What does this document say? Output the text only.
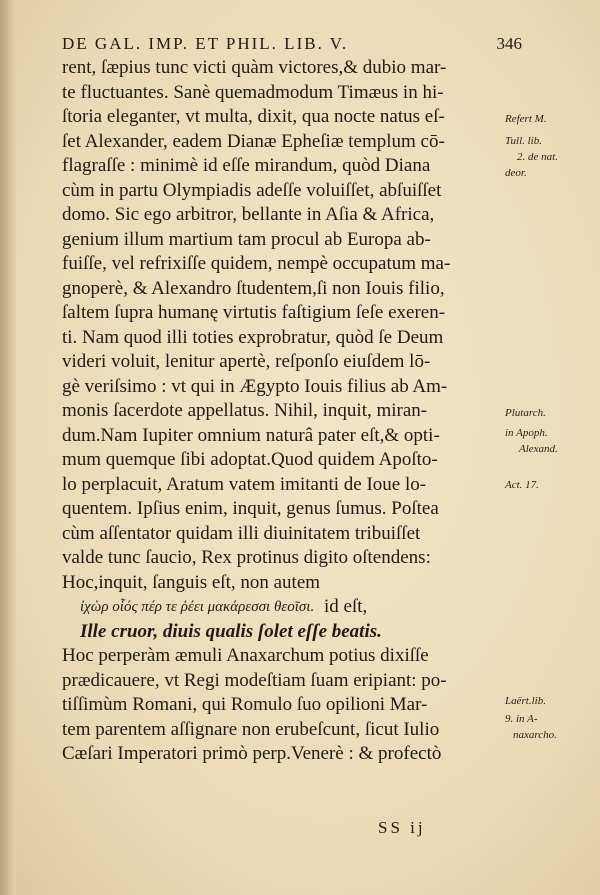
DE GAL. IMP. ET PHIL. LIB. V.	346
rent, ſæpius tunc victi quàm victores,& dubio mar-
te fluctuantes. Sanè quemadmodum Timæus in hi-
ſtoria eleganter, vt multa, dixit, qua nocte natus eſ-
ſet Alexander, eadem Dianæ Epheſiæ templum cō-
flagraſſe : minimè id eſſe mirandum, quòd Diana
cùm in partu Olympiadis adeſſe voluiſſet, abſuiſſet
domo. Sic ego arbitror, bellante in Aſia & Africa,
genium illum martium tam procul ab Europa ab-
fuiſſe, vel refrixiſſe quidem, nempè occupatum ma-
gnoperè, & Alexandro ſtudentem,ſi non Iouis filio,
ſaltem ſupra humanę virtutis faſtigium ſeſe exeren-
ti. Nam quod illi toties exprobratur, quòd ſe Deum
videri voluit, lenitur apertè, reſponſo eiuſdem lō-
gè veriſsimo : vt qui in Ægypto Iouis filius ab Am-
monis ſacerdote appellatus. Nihil, inquit, miran-
dum.Nam Iupiter omnium naturâ pater eſt,& opti-
mum quemque ſibi adoptat.Quod quidem Apoſto-
lo perplacuit, Aratum vatem imitanti de Ioue lo-
quentem. Ipſius enim, inquit, genus ſumus. Poſtea
cùm aſſentator quidam illi diuinitatem tribuiſſet
valde tunc ſaucio, Rex protinus digito oſtendens:
Hoc,inquit, ſanguis eſt, non autem
ἰχὼρ οἷός πέρ τε ῥέει μακάρεσσι θεοῖσι. id eſt,
Ille cruor, diuis qualis ſolet eſſe beatis.
Hoc perperàm æmuli Anaxarchum potius dixiſſe
prædicauere, vt Regi modeſtiam ſuam eripiant: po-
tiſſimùm Romani, qui Romulo ſuo opilioni Mar-
tem parentem aſſignare non erubeſcunt, ſicut Iulio
Cæſari Imperatori primò perp.Venerè : & profectò
Refert M.
Tull. lib.
2. de nat.
deor.
Plutarch.
in Apoph.
Alexand.
Act. 17.
Laërt.lib.
9. in A-
naxarcho.
SS ij
